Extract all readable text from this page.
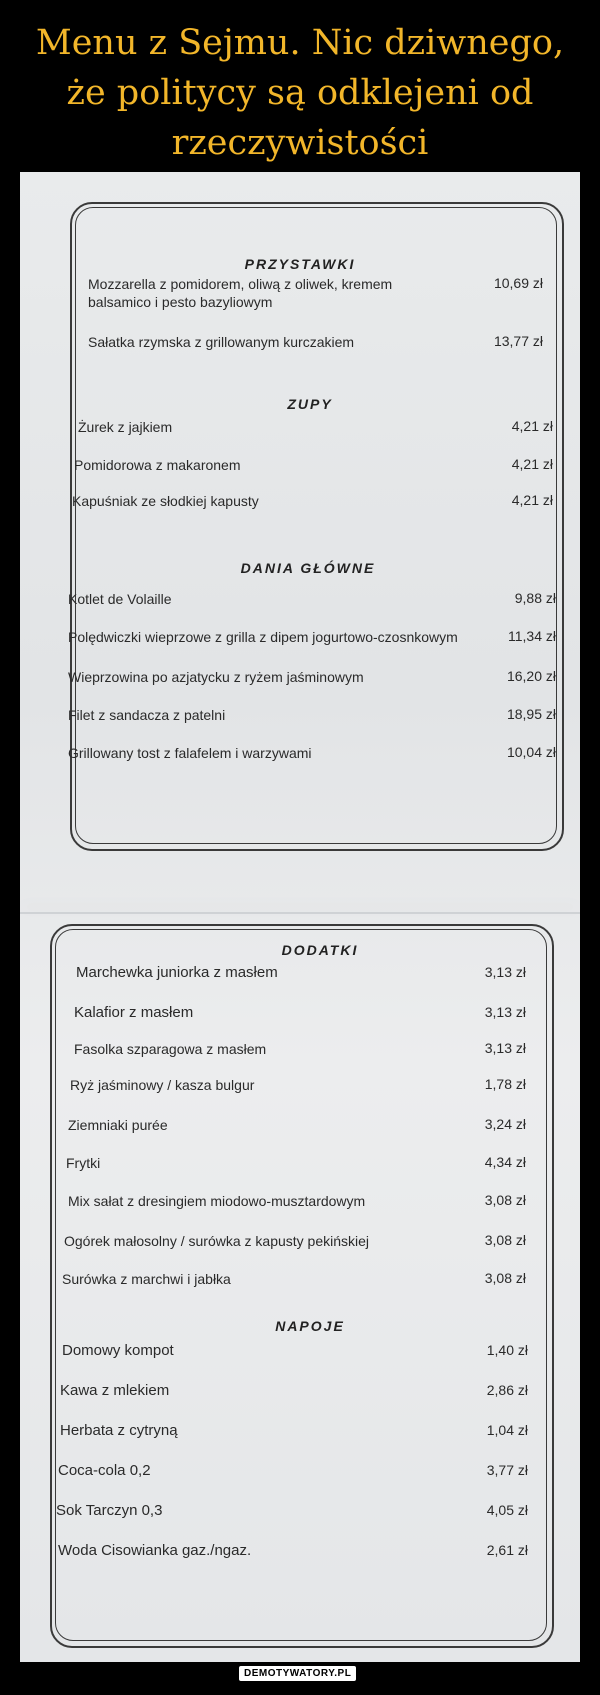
Menu z Sejmu. Nic dziwnego, że politycy są odklejeni od rzeczywistości
PRZYSTAWKI
Mozzarella z pomidorem, oliwą z oliwek, kremem balsamico i pesto bazyliowym
10,69 zł
Sałatka rzymska z grillowanym kurczakiem	13,77 zł
ZUPY
Żurek z jajkiem	4,21 zł
Pomidorowa z makaronem	4,21 zł
Kapuśniak ze słodkiej kapusty	4,21 zł
DANIA GŁÓWNE
Kotlet de Volaille	9,88 zł
Polędwiczki wieprzowe z grilla z dipem jogurtowo-czosnkowym	11,34 zł
Wieprzowina po azjatycku z ryżem jaśminowym	16,20 zł
Filet z sandacza z patelni	18,95 zł
Grillowany tost z falafelem i warzywami	10,04 zł
DODATKI
Marchewka juniorka z masłem	3,13 zł
Kalafior z masłem	3,13 zł
Fasolka szparagowa z masłem	3,13 zł
Ryż jaśminowy / kasza bulgur	1,78 zł
Ziemniaki purée	3,24 zł
Frytki	4,34 zł
Mix sałat z dresingiem miodowo-musztardowym	3,08 zł
Ogórek małosolny / surówka z kapusty pekińskiej	3,08 zł
Surówka z marchwi i jabłka	3,08 zł
NAPOJE
Domowy kompot	1,40 zł
Kawa z mlekiem	2,86 zł
Herbata z cytryną	1,04 zł
Coca-cola 0,2	3,77 zł
Sok Tarczyn 0,3	4,05 zł
Woda Cisowianka gaz./ngaz.	2,61 zł
DEMOTYWATORY.PL
